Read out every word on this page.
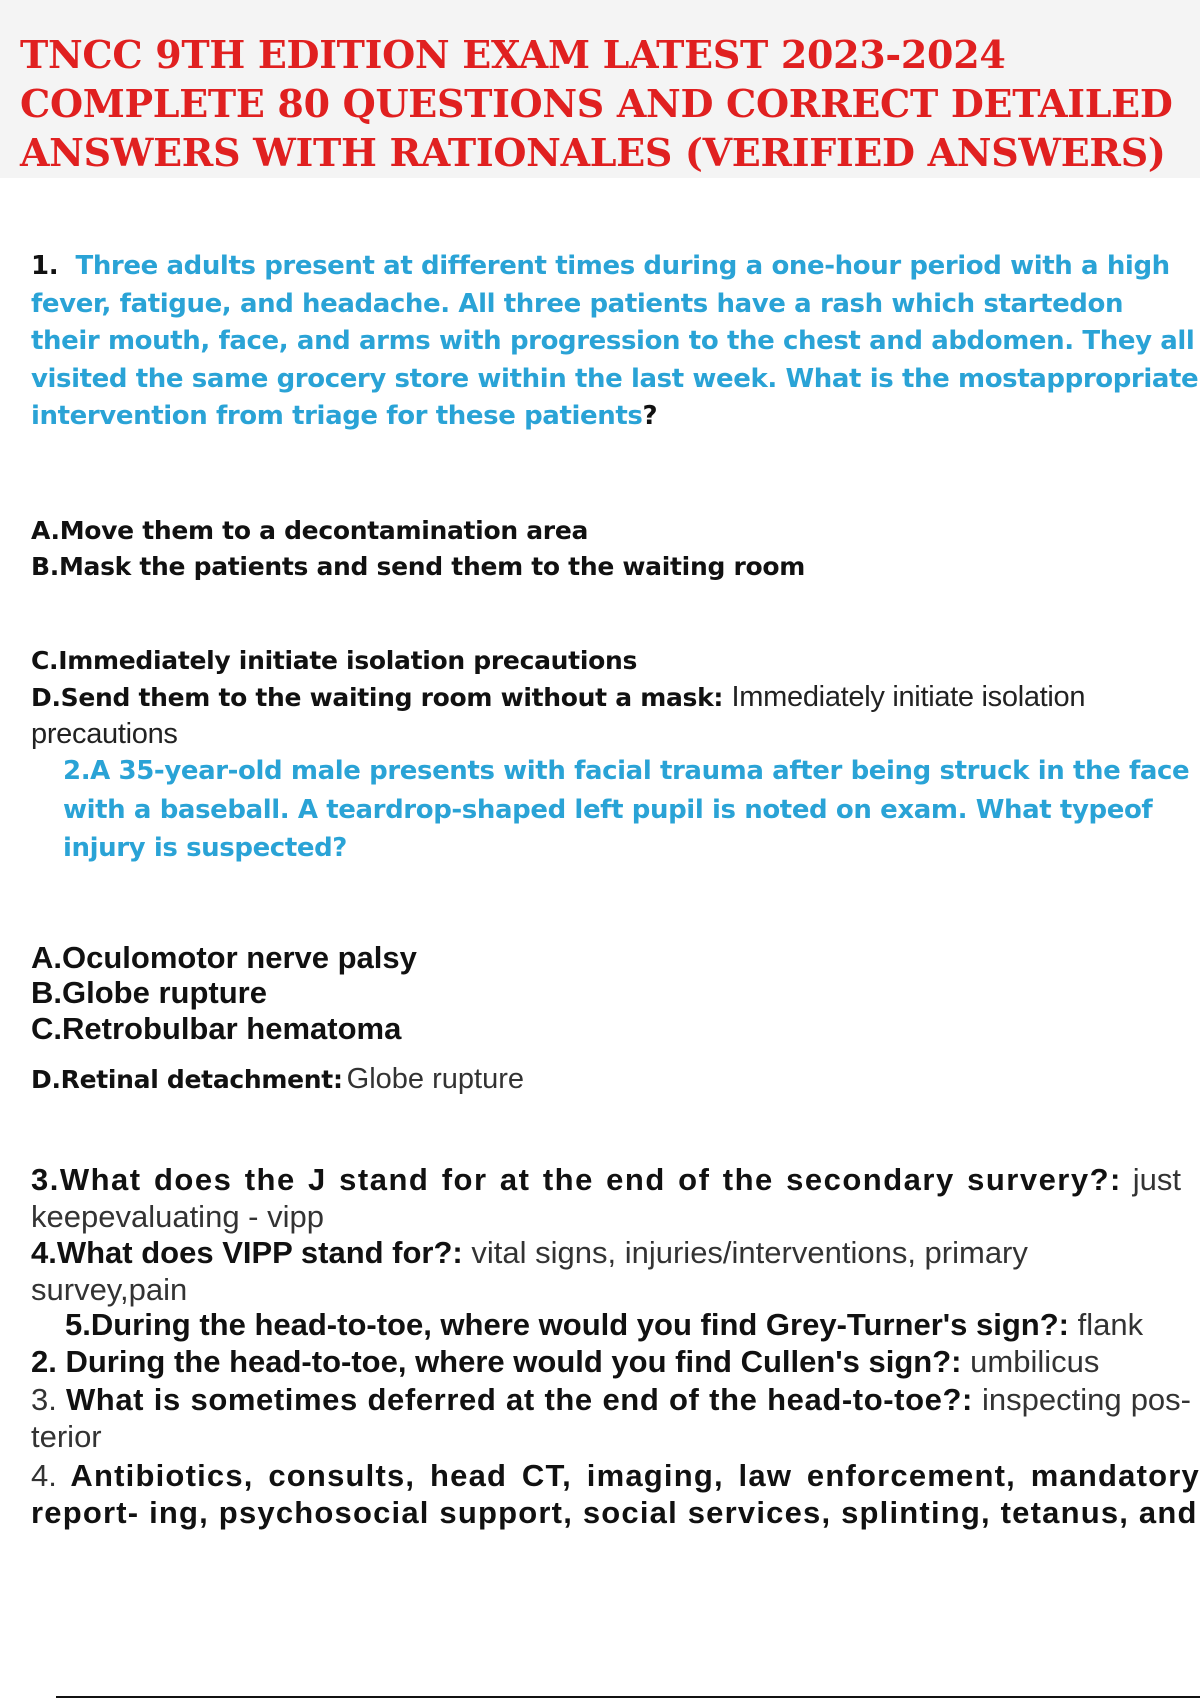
TNCC 9TH EDITION EXAM LATEST 2023-2024 COMPLETE 80 QUESTIONS AND CORRECT DETAILED ANSWERS WITH RATIONALES (VERIFIED ANSWERS)
1. Three adults present at different times during a one-hour period with a high fever, fatigue, and headache. All three patients have a rash which startedon their mouth, face, and arms with progression to the chest and abdomen. They all visited the same grocery store within the last week. What is the mostappropriate intervention from triage for these patients?
A.Move them to a decontamination area
B.Mask the patients and send them to the waiting room
C.Immediately initiate isolation precautions
D.Send them to the waiting room without a mask: Immediately initiate isolation precautions
2.A 35-year-old male presents with facial trauma after being struck in the face with a baseball. A teardrop-shaped left pupil is noted on exam. What typeof injury is suspected?
A.Oculomotor nerve palsy
B.Globe rupture
C.Retrobulbar hematoma
D.Retinal detachment: Globe rupture
3.What does the J stand for at the end of the secondary survery?: just keepevaluating - vipp
4.What does VIPP stand for?: vital signs, injuries/interventions, primary survey,pain
5.During the head-to-toe, where would you find Grey-Turner's sign?: flank
2. During the head-to-toe, where would you find Cullen's sign?: umbilicus
3. What is sometimes deferred at the end of the head-to-toe?: inspecting pos-terior
4. Antibiotics, consults, head CT, imaging, law enforcement, mandatory report- ing, psychosocial support, social services, splinting, tetanus, and
